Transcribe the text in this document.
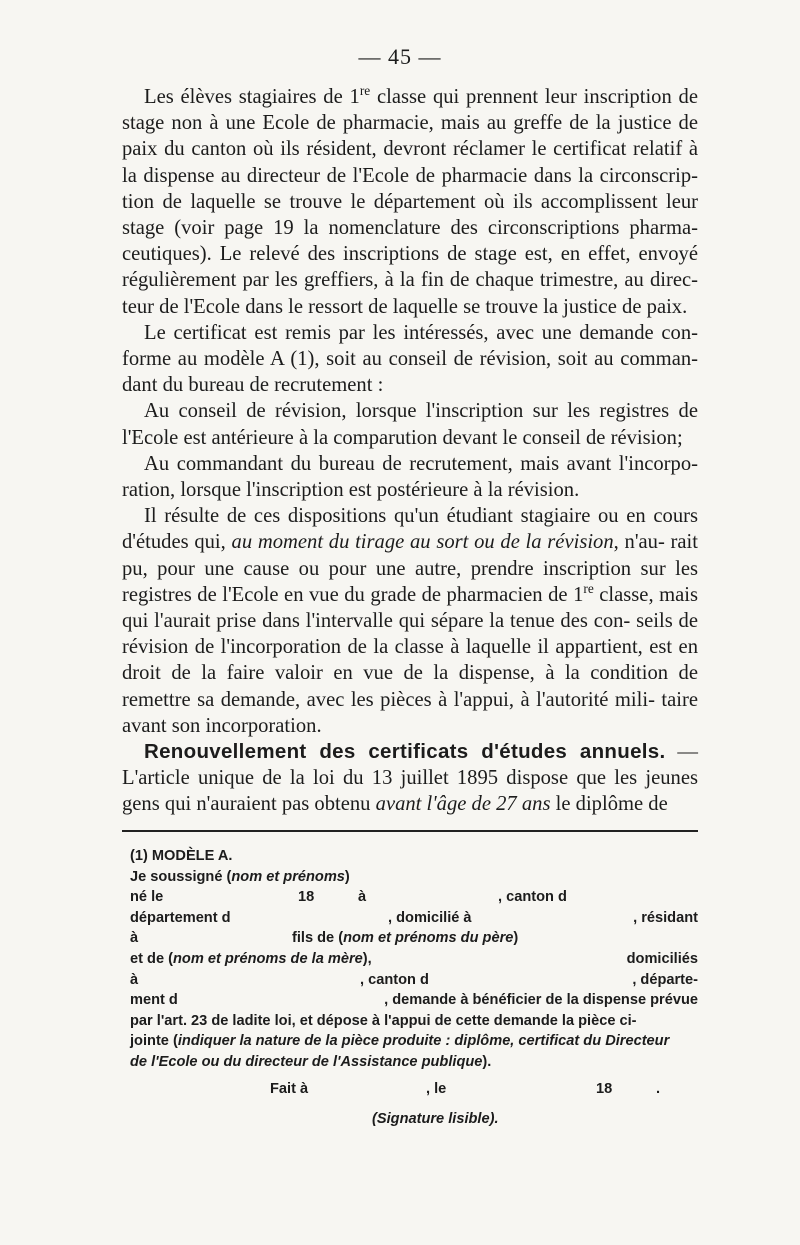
— 45 —

Les élèves stagiaires de 1re classe qui prennent leur inscription de stage non à une Ecole de pharmacie, mais au greffe de la justice de paix du canton où ils résident, devront réclamer le certificat relatif à la dispense au directeur de l'Ecole de pharmacie dans la circonscrip- tion de laquelle se trouve le département où ils accomplissent leur stage (voir page 19 la nomenclature des circonscriptions pharma- ceutiques). Le relevé des inscriptions de stage est, en effet, envoyé régulièrement par les greffiers, à la fin de chaque trimestre, au direc- teur de l'Ecole dans le ressort de laquelle se trouve la justice de paix.

Le certificat est remis par les intéressés, avec une demande con- forme au modèle A (1), soit au conseil de révision, soit au comman- dant du bureau de recrutement :

Au conseil de révision, lorsque l'inscription sur les registres de l'Ecole est antérieure à la comparution devant le conseil de révision;

Au commandant du bureau de recrutement, mais avant l'incorpo- ration, lorsque l'inscription est postérieure à la révision.

Il résulte de ces dispositions qu'un étudiant stagiaire ou en cours d'études qui, au moment du tirage au sort ou de la révision, n'au- rait pu, pour une cause ou pour une autre, prendre inscription sur les registres de l'Ecole en vue du grade de pharmacien de 1re classe, mais qui l'aurait prise dans l'intervalle qui sépare la tenue des con- seils de révision de l'incorporation de la classe à laquelle il appartient, est en droit de la faire valoir en vue de la dispense, à la condition de remettre sa demande, avec les pièces à l'appui, à l'autorité mili- taire avant son incorporation.

Renouvellement des certificats d'études annuels. — L'article unique de la loi du 13 juillet 1895 dispose que les jeunes gens qui n'auraient pas obtenu avant l'âge de 27 ans le diplôme de

(1) MODÈLE A.
Je soussigné ( nom et prénoms )
né le	18	à	, canton d
département d	, domicilié à	, résidant
à	fils de ( nom et prénoms du père )
et de (nom et prénoms de la mère),	domiciliés
à	, canton d	, départe-
ment d	, demande à bénéficier de la dispense prévue
par l'art. 23 de ladite loi, et dépose à l'appui de cette demande la pièce ci-
jointe ( indiquer la nature de la pièce produite : diplôme, certificat du Directeur
de l'Ecole ou du directeur de l'Assistance publique ).
Fait à	, le	18	.
(Signature lisible).
